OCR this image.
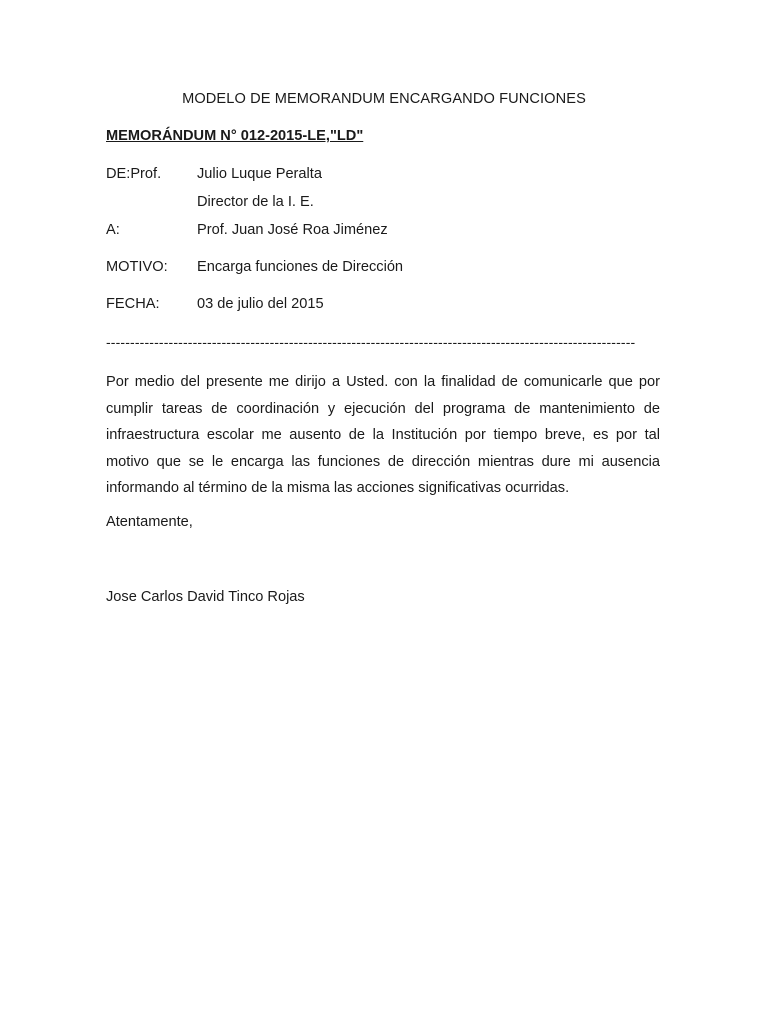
MODELO DE MEMORANDUM ENCARGANDO FUNCIONES
MEMORÁNDUM N° 012-2015-LE,"LD"
DE:Prof. Julio Luque Peralta
Director de la I. E.
A:	Prof. Juan José Roa Jiménez
MOTIVO: Encarga funciones de Dirección
FECHA:	03 de julio del 2015
--------------------------------------------------------------------------------------------------------------
Por medio del presente me dirijo a Usted. con la finalidad de comunicarle que por cumplir tareas de coordinación y ejecución del programa de mantenimiento de infraestructura escolar me ausento de la Institución por tiempo breve, es por tal motivo que se le encarga las funciones de dirección mientras dure mi ausencia informando al término de la misma las acciones significativas ocurridas.
Atentamente,
Jose Carlos David Tinco Rojas
